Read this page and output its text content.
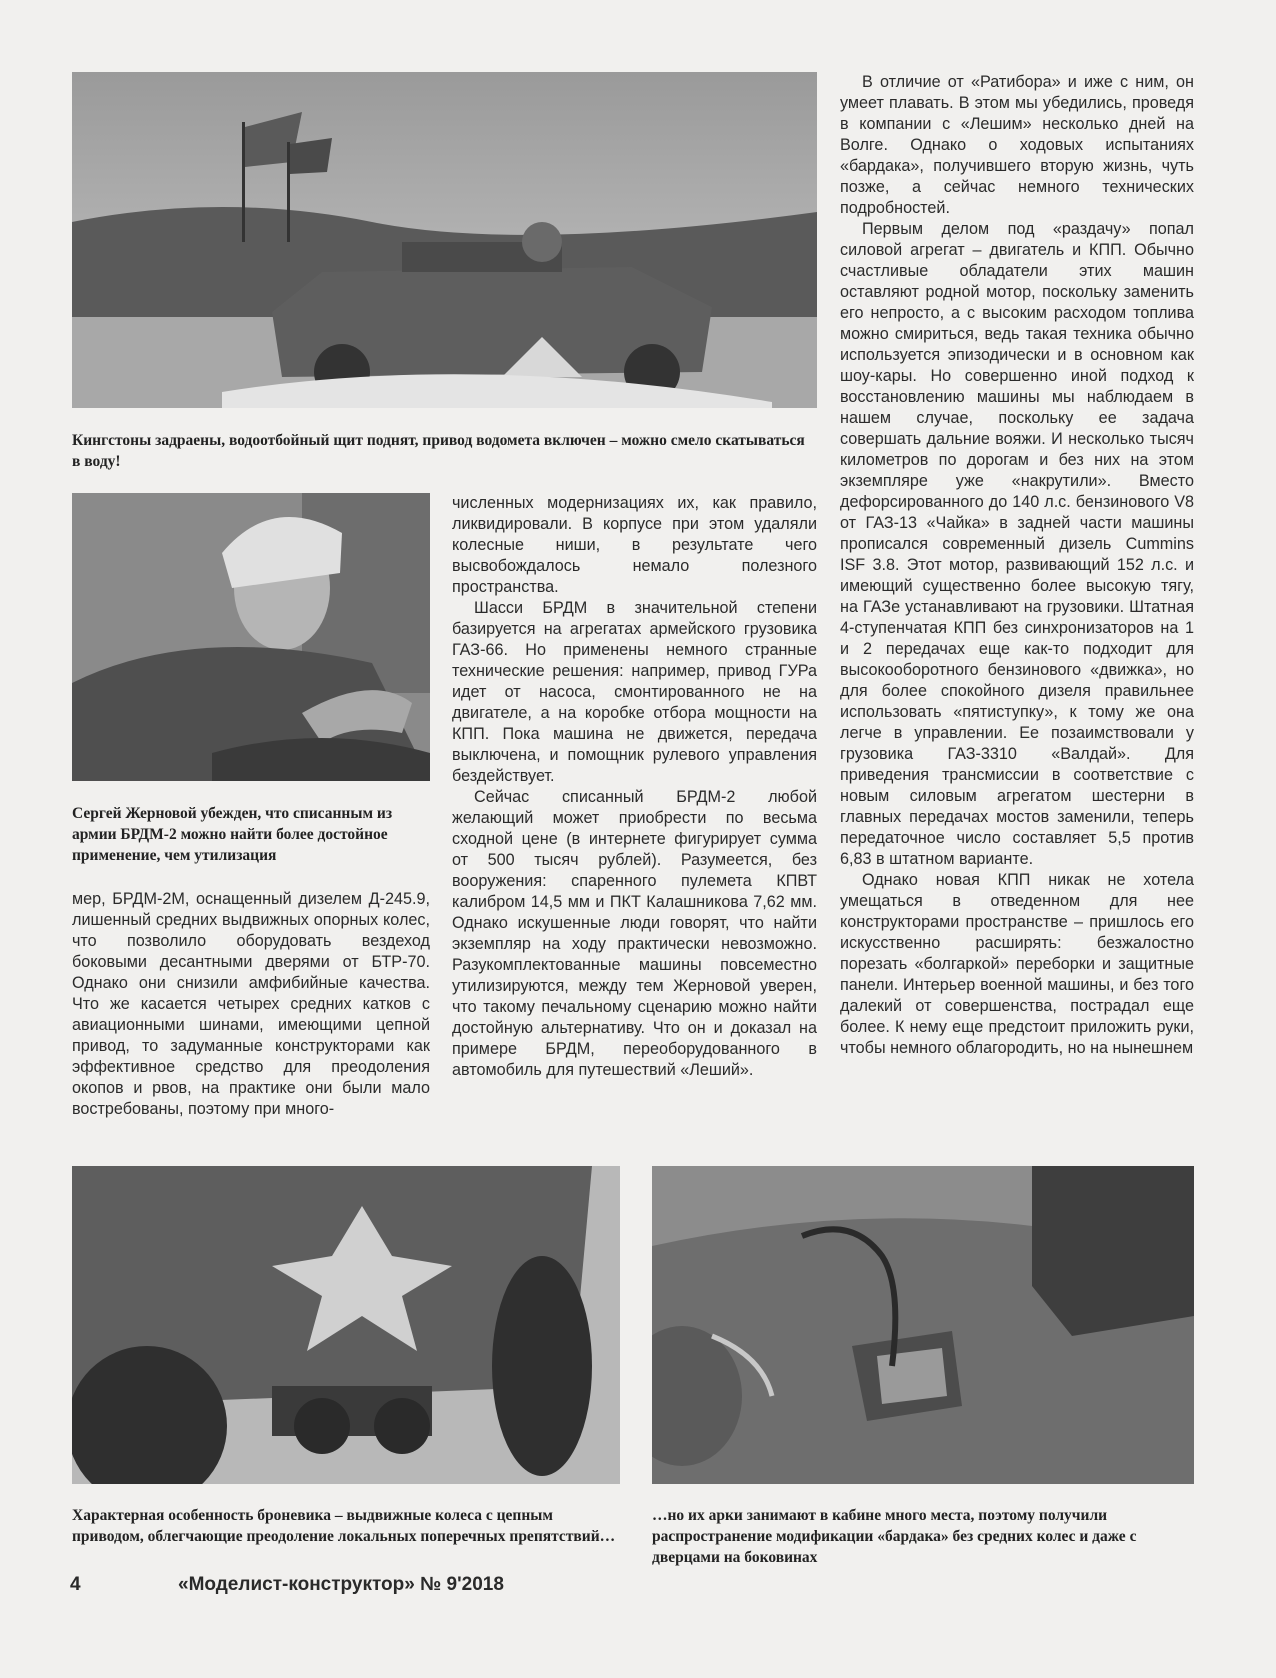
Кингстоны задраены, водоотбойный щит поднят, привод водомета включен – можно смело скатываться в воду!
Сергей Жерновой убежден, что списанным из армии БРДМ-2 можно найти более достойное применение, чем утилизация

мер, БРДМ-2М, оснащенный дизелем Д-245.9, лишенный средних выдвижных опорных колес, что позволило оборудовать вездеход боковыми десантными дверями от БТР-70. Однако они снизили амфибийные качества. Что же касается четырех средних катков с авиационными шинами, имеющими цепной привод, то задуманные конструкторами как эффективное средство для преодоления окопов и рвов, на практике они были мало востребованы, поэтому при много-

численных модернизациях их, как правило, ликвидировали. В корпусе при этом удаляли колесные ниши, в результате чего высвобождалось немало полезного пространства.

Шасси БРДМ в значительной степени базируется на агрегатах армейского грузовика ГАЗ-66. Но применены немного странные технические решения: например, привод ГУРа идет от насоса, смонтированного не на двигателе, а на коробке отбора мощности на КПП. Пока машина не движется, передача выключена, и помощник рулевого управления бездействует.

Сейчас списанный БРДМ-2 любой желающий может приобрести по весьма сходной цене (в интернете фигурирует сумма от 500 тысяч рублей). Разумеется, без вооружения: спаренного пулемета КПВТ калибром 14,5 мм и ПКТ Калашникова 7,62 мм. Однако искушенные люди говорят, что найти экземпляр на ходу практически невозможно. Разукомплектованные машины повсеместно утилизируются, между тем Жерновой уверен, что такому печальному сценарию можно найти достойную альтернативу. Что он и доказал на примере БРДМ, переоборудованного в автомобиль для путешествий «Леший».

В отличие от «Ратибора» и иже с ним, он умеет плавать. В этом мы убедились, проведя в компании с «Лешим» несколько дней на Волге. Однако о ходовых испытаниях «бардака», получившего вторую жизнь, чуть позже, а сейчас немного технических подробностей.

Первым делом под «раздачу» попал силовой агрегат – двигатель и КПП. Обычно счастливые обладатели этих машин оставляют родной мотор, поскольку заменить его непросто, а с высоким расходом топлива можно смириться, ведь такая техника обычно используется эпизодически и в основном как шоу-кары. Но совершенно иной подход к восстановлению машины мы наблюдаем в нашем случае, поскольку ее задача совершать дальние вояжи. И несколько тысяч километров по дорогам и без них на этом экземпляре уже «накрутили». Вместо дефорсированного до 140 л.с. бензинового V8 от ГАЗ-13 «Чайка» в задней части машины прописался современный дизель Cummins ISF 3.8. Этот мотор, развивающий 152 л.с. и имеющий существенно более высокую тягу, на ГАЗе устанавливают на грузовики. Штатная 4-ступенчатая КПП без синхронизаторов на 1 и 2 передачах еще как-то подходит для высокооборотного бензинового «движка», но для более спокойного дизеля правильнее использовать «пятиступку», к тому же она легче в управлении. Ее позаимствовали у грузовика ГАЗ-3310 «Валдай». Для приведения трансмиссии в соответствие с новым силовым агрегатом шестерни в главных передачах мостов заменили, теперь передаточное число составляет 5,5 против 6,83 в штатном варианте.

Однако новая КПП никак не хотела умещаться в отведенном для нее конструкторами пространстве – пришлось его искусственно расширять: безжалостно порезать «болгаркой» переборки и защитные панели. Интерьер военной машины, и без того далекий от совершенства, пострадал еще более. К нему еще предстоит приложить руки, чтобы немного облагородить, но на нынешнем

Характерная особенность броневика – выдвижные колеса с цепным приводом, облегчающие преодоление локальных поперечных препятствий…
…но их арки занимают в кабине много места, поэтому получили распространение модификации «бардака» без средних колес и даже с дверцами на боковинах
4	«Моделист-конструктор» № 9'2018
